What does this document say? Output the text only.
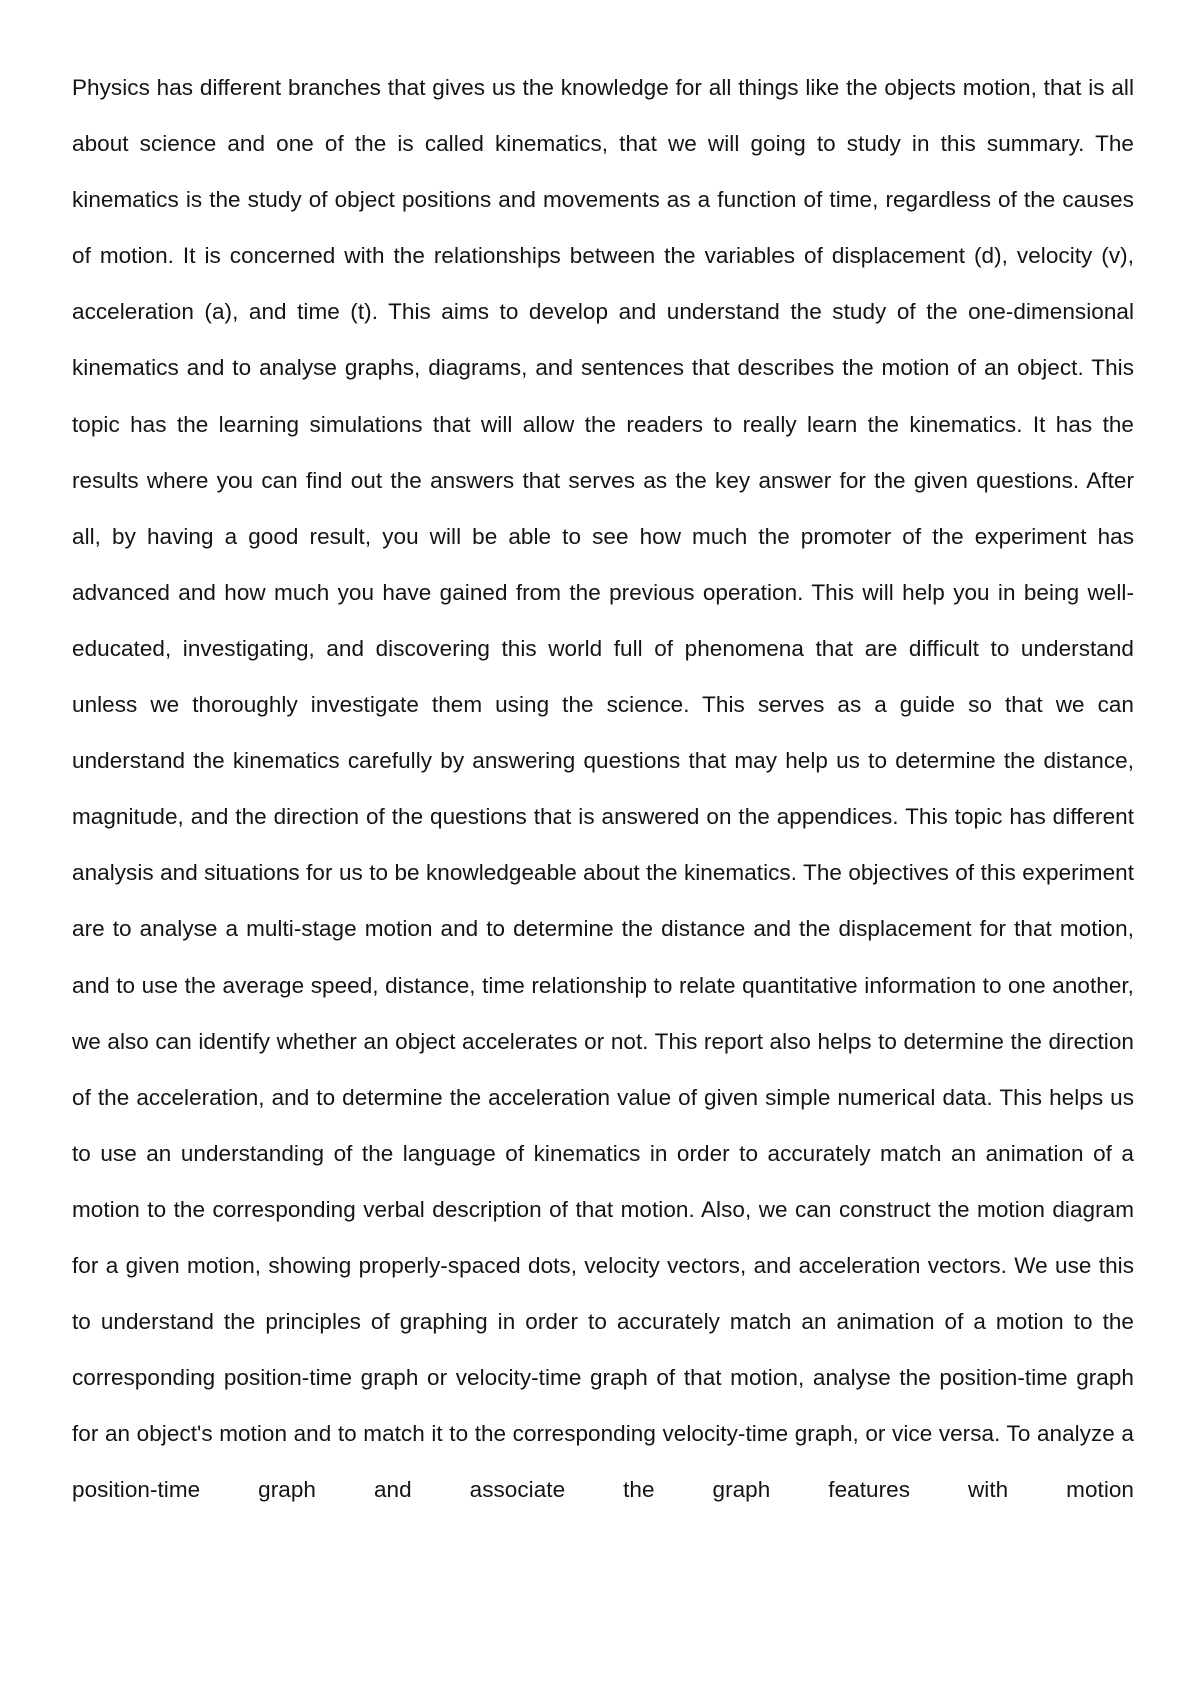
Physics has different branches that gives us the knowledge for all things like the objects motion, that is all about science and one of the is called kinematics, that we will going to study in this summary. The kinematics is the study of object positions and movements as a function of time, regardless of the causes of motion. It is concerned with the relationships between the variables of displacement (d), velocity (v), acceleration (a), and time (t). This aims to develop and understand the study of the one-dimensional kinematics and to analyse graphs, diagrams, and sentences that describes the motion of an object. This topic has the learning simulations that will allow the readers to really learn the kinematics. It has the results where you can find out the answers that serves as the key answer for the given questions. After all, by having a good result, you will be able to see how much the promoter of the experiment has advanced and how much you have gained from the previous operation. This will help you in being well-educated, investigating, and discovering this world full of phenomena that are difficult to understand unless we thoroughly investigate them using the science. This serves as a guide so that we can understand the kinematics carefully by answering questions that may help us to determine the distance, magnitude, and the direction of the questions that is answered on the appendices. This topic has different analysis and situations for us to be knowledgeable about the kinematics. The objectives of this experiment are to analyse a multi-stage motion and to determine the distance and the displacement for that motion, and to use the average speed, distance, time relationship to relate quantitative information to one another, we also can identify whether an object accelerates or not. This report also helps to determine the direction of the acceleration, and to determine the acceleration value of given simple numerical data. This helps us to use an understanding of the language of kinematics in order to accurately match an animation of a motion to the corresponding verbal description of that motion. Also, we can construct the motion diagram for a given motion, showing properly-spaced dots, velocity vectors, and acceleration vectors. We use this to understand the principles of graphing in order to accurately match an animation of a motion to the corresponding position-time graph or velocity-time graph of that motion, analyse the position-time graph for an object's motion and to match it to the corresponding velocity-time graph, or vice versa. To analyze a position-time graph and associate the graph features with motion
